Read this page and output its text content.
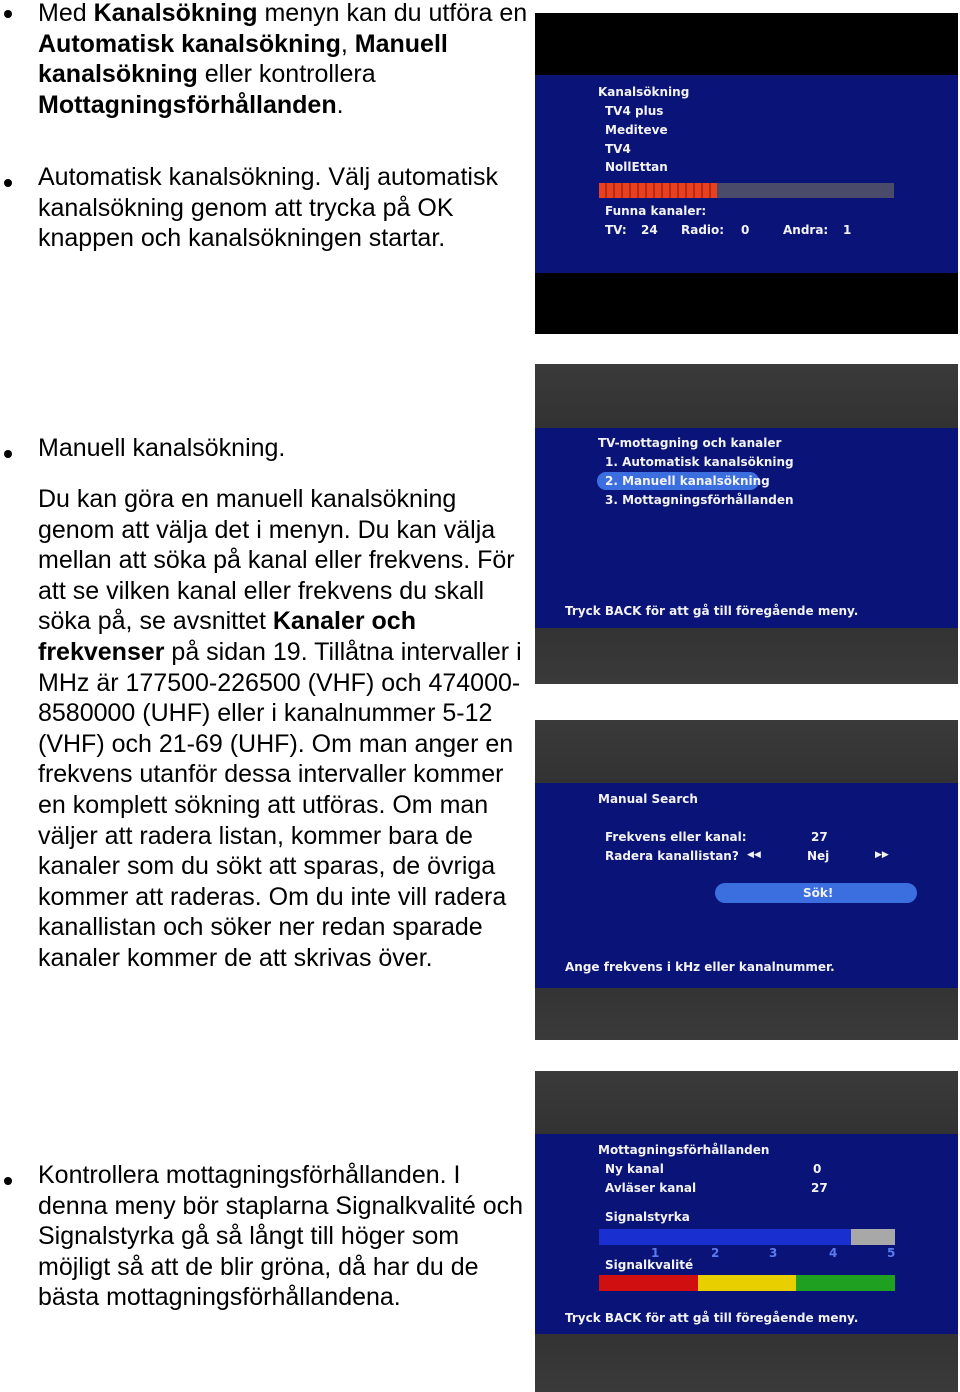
Med Kanalsökning menyn kan du utföra en Automatisk kanalsökning, Manuell kanalsökning eller kontrollera Mottagningsförhållanden.
Automatisk kanalsökning. Välj automatisk kanalsökning genom att trycka på OK knappen och kanalsökningen startar.
Manuell kanalsökning.
Du kan göra en manuell kanalsökning genom att välja det i menyn. Du kan välja mellan att söka på kanal eller frekvens. För att se vilken kanal eller frekvens du skall söka på, se avsnittet Kanaler och frekvenser på sidan 19. Tillåtna intervaller i MHz är 177500-226500 (VHF) och 474000-8580000 (UHF) eller i kanalnummer 5-12 (VHF) och 21-69 (UHF). Om man anger en frekvens utanför dessa intervaller kommer en komplett sökning att utföras. Om man väljer att radera listan, kommer bara de kanaler som du sökt att sparas, de övriga kommer att raderas. Om du inte vill radera kanallistan och söker ner redan sparade kanaler kommer de att skrivas över.
Kontrollera mottagningsförhållanden. I denna meny bör staplarna Signalkvalité och Signalstyrka gå så långt till höger som möjligt så att de blir gröna, då har du de bästa mottagningsförhållandena.
Kanalsökning
TV4 plus
Mediteve
TV4
NollEttan
Funna kanaler:
TV: 24 Radio: 0	Andra: 1
TV-mottagning och kanaler
1. Automatisk kanalsökning
2. Manuell kanalsökning
3. Mottagningsförhållanden
Tryck BACK för att gå till föregående meny.
Manual Search
Frekvens eller kanal:	27
Radera kanallistan? ◀◀	Nej	▶▶
Sök!
Ange frekvens i kHz eller kanalnummer.
Mottagningsförhållanden
Ny kanal	0
Avläser kanal	27
Signalstyrka
1	2	3	4	5
Signalkvalité
Tryck BACK för att gå till föregående meny.
